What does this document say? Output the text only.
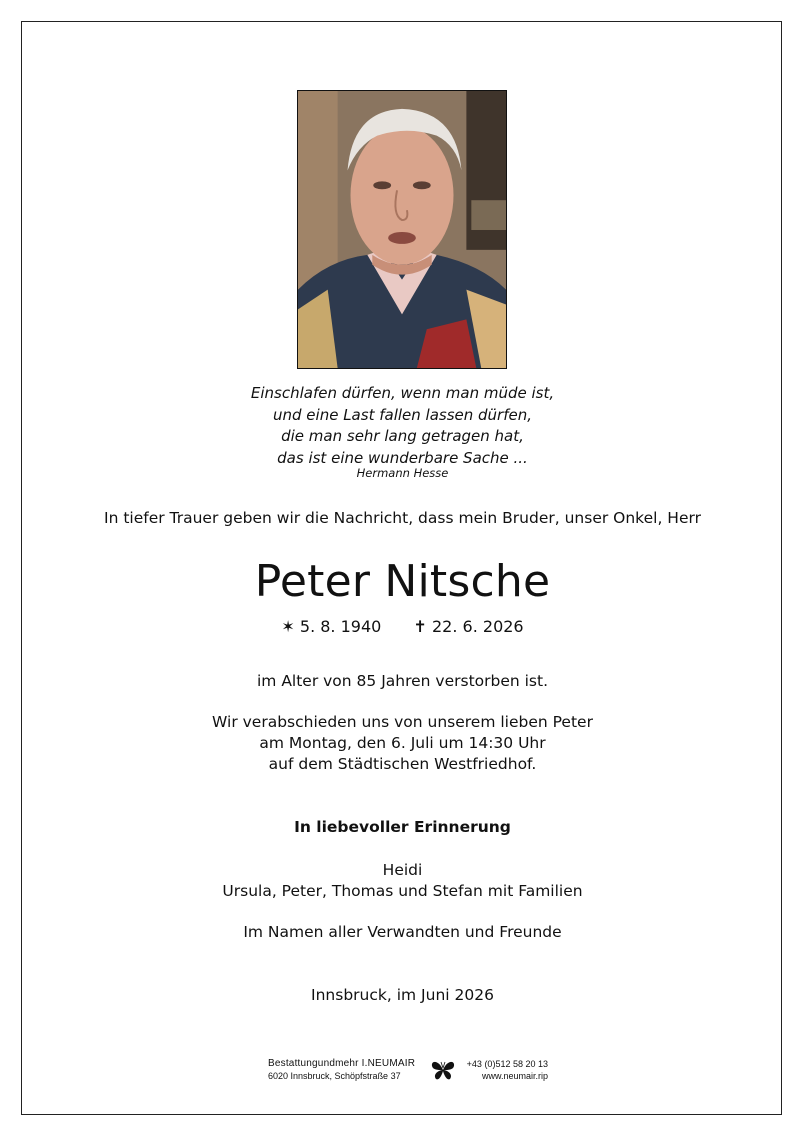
Einschlafen dürfen, wenn man müde ist,
und eine Last fallen lassen dürfen,
die man sehr lang getragen hat,
das ist eine wunderbare Sache ...
Hermann Hesse
In tiefer Trauer geben wir die Nachricht, dass mein Bruder, unser Onkel, Herr
Peter Nitsche
✶ 5. 8. 1940 ✝ 22. 6. 2026
im Alter von 85 Jahren verstorben ist.
Wir verabschieden uns von unserem lieben Peter
am Montag, den 6. Juli um 14:30 Uhr
auf dem Städtischen Westfriedhof.
In liebevoller Erinnerung
Heidi
Ursula, Peter, Thomas und Stefan mit Familien
Im Namen aller Verwandten und Freunde
Innsbruck, im Juni 2026
Bestattungundmehr I.NEUMAIR
6020 Innsbruck, Schöpfstraße 37
+43 (0)512 58 20 13
www.neumair.rip
